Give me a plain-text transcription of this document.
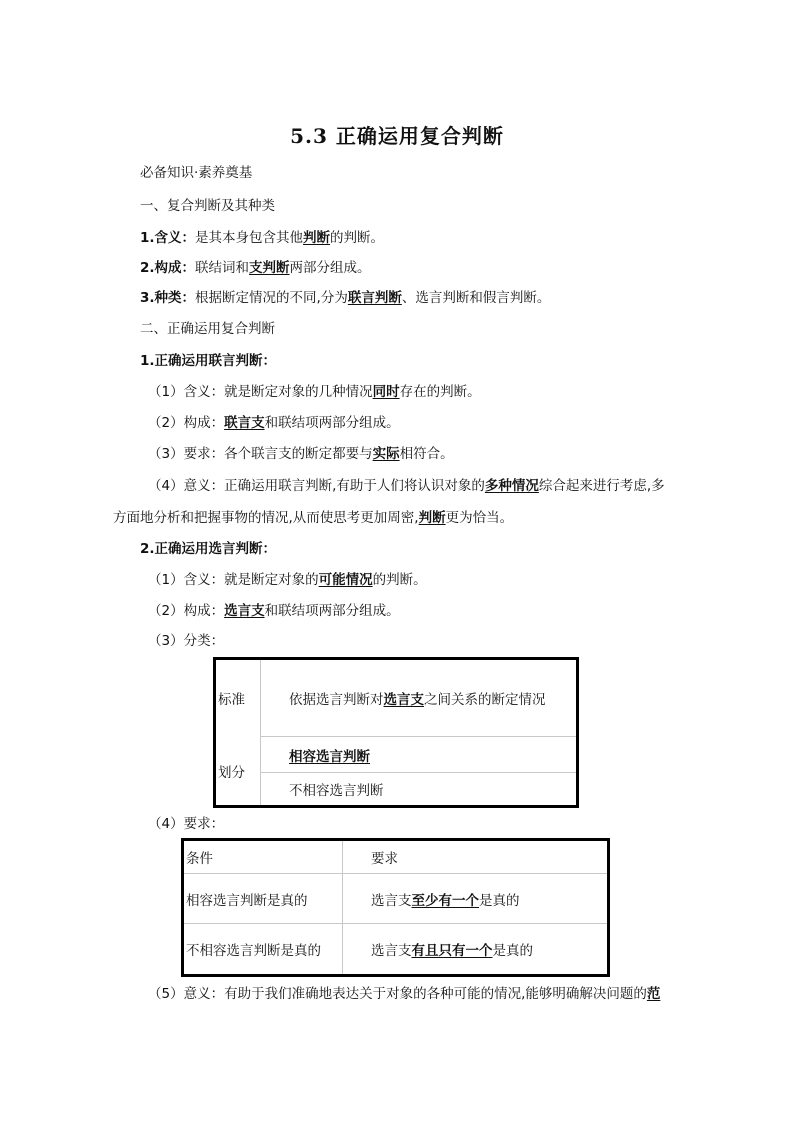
5.3 正确运用复合判断
必备知识·素养奠基
一、复合判断及其种类
1.含义：是其本身包含其他判断的判断。
2.构成：联结词和支判断两部分组成。
3.种类：根据断定情况的不同,分为联言判断、选言判断和假言判断。
二、正确运用复合判断
1.正确运用联言判断：
（1）含义：就是断定对象的几种情况同时存在的判断。
（2）构成：联言支和联结项两部分组成。
（3）要求：各个联言支的断定都要与实际相符合。
（4）意义：正确运用联言判断,有助于人们将认识对象的多种情况综合起来进行考虑,多
方面地分析和把握事物的情况,从而使思考更加周密,判断更为恰当。
2.正确运用选言判断：
（1）含义：就是断定对象的可能情况的判断。
（2）构成：选言支和联结项两部分组成。
（3）分类：
标准	依据选言判断对选言支之间关系的断定情况
划分	相容选言判断
	不相容选言判断
（4）要求：
条件	要求
相容选言判断是真的	选言支至少有一个是真的
不相容选言判断是真的	选言支有且只有一个是真的
（5）意义：有助于我们准确地表达关于对象的各种可能的情况,能够明确解决问题的范
